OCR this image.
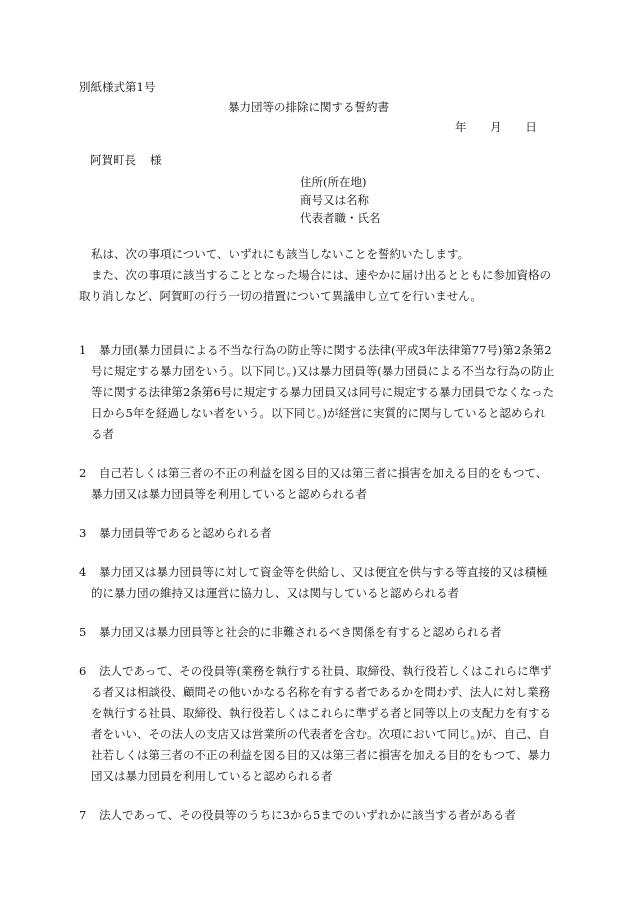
別紙様式第1号
暴力団等の排除に関する誓約書
年 月 日
阿賀町長 様
住所(所在地)
商号又は名称
代表者職・氏名
私は、次の事項について、いずれにも該当しないことを誓約いたします。
また、次の事項に該当することとなった場合には、速やかに届け出るとともに参加資格の取り消しなど、阿賀町の行う一切の措置について異議申し立てを行いません。
1	暴力団(暴力団員による不当な行為の防止等に関する法律(平成3年法律第77号)第2条第2号に規定する暴力団をいう。以下同じ。)又は暴力団員等(暴力団員による不当な行為の防止等に関する法律第2条第6号に規定する暴力団員又は同号に規定する暴力団員でなくなった日から5年を経過しない者をいう。以下同じ。)が経営に実質的に関与していると認められる者
2	自己若しくは第三者の不正の利益を図る目的又は第三者に損害を加える目的をもつて、暴力団又は暴力団員等を利用していると認められる者
3	暴力団員等であると認められる者
4	暴力団又は暴力団員等に対して資金等を供給し、又は便宜を供与する等直接的又は積極的に暴力団の維持又は運営に協力し、又は関与していると認められる者
5	暴力団又は暴力団員等と社会的に非難されるべき関係を有すると認められる者
6	法人であって、その役員等(業務を執行する社員、取締役、執行役若しくはこれらに準ずる者又は相談役、顧問その他いかなる名称を有する者であるかを問わず、法人に対し業務を執行する社員、取締役、執行役若しくはこれらに準ずる者と同等以上の支配力を有する者をいい、その法人の支店又は営業所の代表者を含む。次項において同じ。)が、自己、自社若しくは第三者の不正の利益を図る目的又は第三者に損害を加える目的をもつて、暴力団又は暴力団員を利用していると認められる者
7	法人であって、その役員等のうちに3から5までのいずれかに該当する者がある者
